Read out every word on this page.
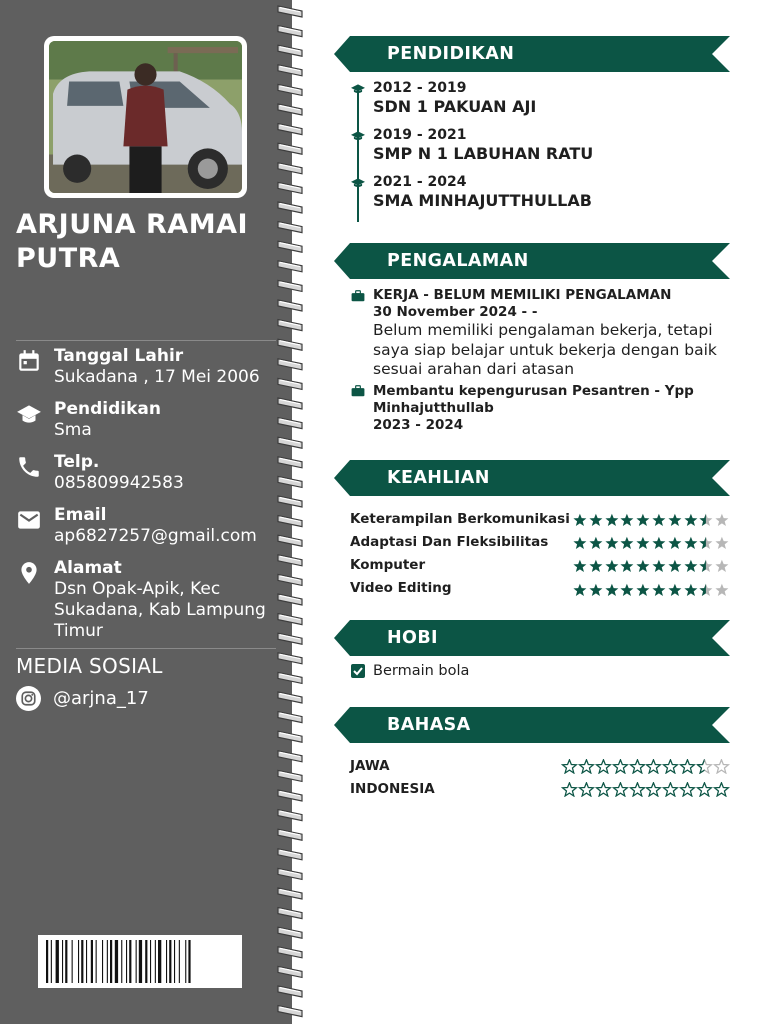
ARJUNA RAMAI PUTRA
Tanggal Lahir
Sukadana , 17 Mei 2006
Pendidikan
Sma
Telp.
085809942583
Email
ap6827257@gmail.com
Alamat
Dsn Opak-Apik, Kec Sukadana, Kab Lampung Timur
MEDIA SOSIAL
@arjna_17
PENDIDIKAN
2012 - 2019
SDN 1 PAKUAN AJI
2019 - 2021
SMP N 1 LABUHAN RATU
2021 - 2024
SMA MINHAJUTTHULLAB
PENGALAMAN
KERJA - BELUM MEMILIKI PENGALAMAN
30 November 2024 - -
Belum memiliki pengalaman bekerja, tetapi saya siap belajar untuk bekerja dengan baik sesuai arahan dari atasan
Membantu kepengurusan Pesantren - Ypp
Minhajutthullab
2023 - 2024
KEAHLIAN
Keterampilan Berkomunikasi
Adaptasi Dan Fleksibilitas
Komputer
Video Editing
HOBI
Bermain bola
BAHASA
JAWA
INDONESIA
